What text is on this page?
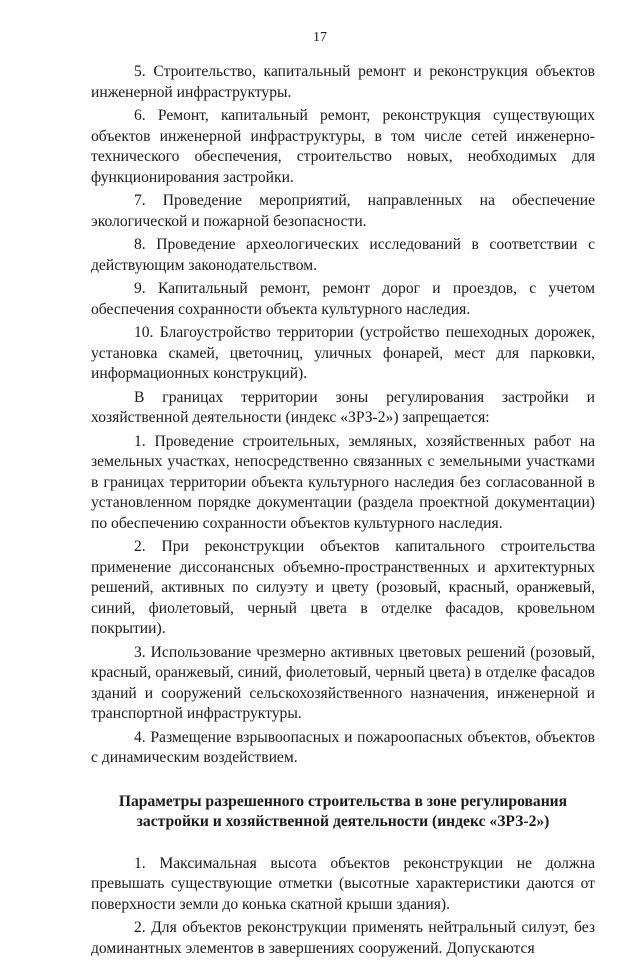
17

5. Строительство, капитальный ремонт и реконструкция объектов инженерной инфраструктуры.

6. Ремонт, капитальный ремонт, реконструкция существующих объектов инженерной инфраструктуры, в том числе сетей инженерно-технического обеспечения, строительство новых, необходимых для функционирования застройки.

7. Проведение мероприятий, направленных на обеспечение экологической и пожарной безопасности.

8. Проведение археологических исследований в соответствии с действующим законодательством.

9. Капитальный ремонт, ремонт дорог и проездов, с учетом обеспечения сохранности объекта культурного наследия.

10. Благоустройство территории (устройство пешеходных дорожек, установка скамей, цветочниц, уличных фонарей, мест для парковки, информационных конструкций).

В границах территории зоны регулирования застройки и хозяйственной деятельности (индекс «ЗРЗ-2») запрещается:

1. Проведение строительных, земляных, хозяйственных работ на земельных участках, непосредственно связанных с земельными участками в границах территории объекта культурного наследия без согласованной в установленном порядке документации (раздела проектной документации) по обеспечению сохранности объектов культурного наследия.

2. При реконструкции объектов капитального строительства применение диссонансных объемно-пространственных и архитектурных решений, активных по силуэту и цвету (розовый, красный, оранжевый, синий, фиолетовый, черный цвета в отделке фасадов, кровельном покрытии).

3. Использование чрезмерно активных цветовых решений (розовый, красный, оранжевый, синий, фиолетовый, черный цвета) в отделке фасадов зданий и сооружений сельскохозяйственного назначения, инженерной и транспортной инфраструктуры.

4. Размещение взрывоопасных и пожароопасных объектов, объектов с динамическим воздействием.

Параметры разрешенного строительства в зоне регулирования
застройки и хозяйственной деятельности (индекс «ЗРЗ-2»)

1. Максимальная высота объектов реконструкции не должна превышать существующие отметки (высотные характеристики даются от поверхности земли до конька скатной крыши здания).

2. Для объектов реконструкции применять нейтральный силуэт, без доминантных элементов в завершениях сооружений. Допускаются
